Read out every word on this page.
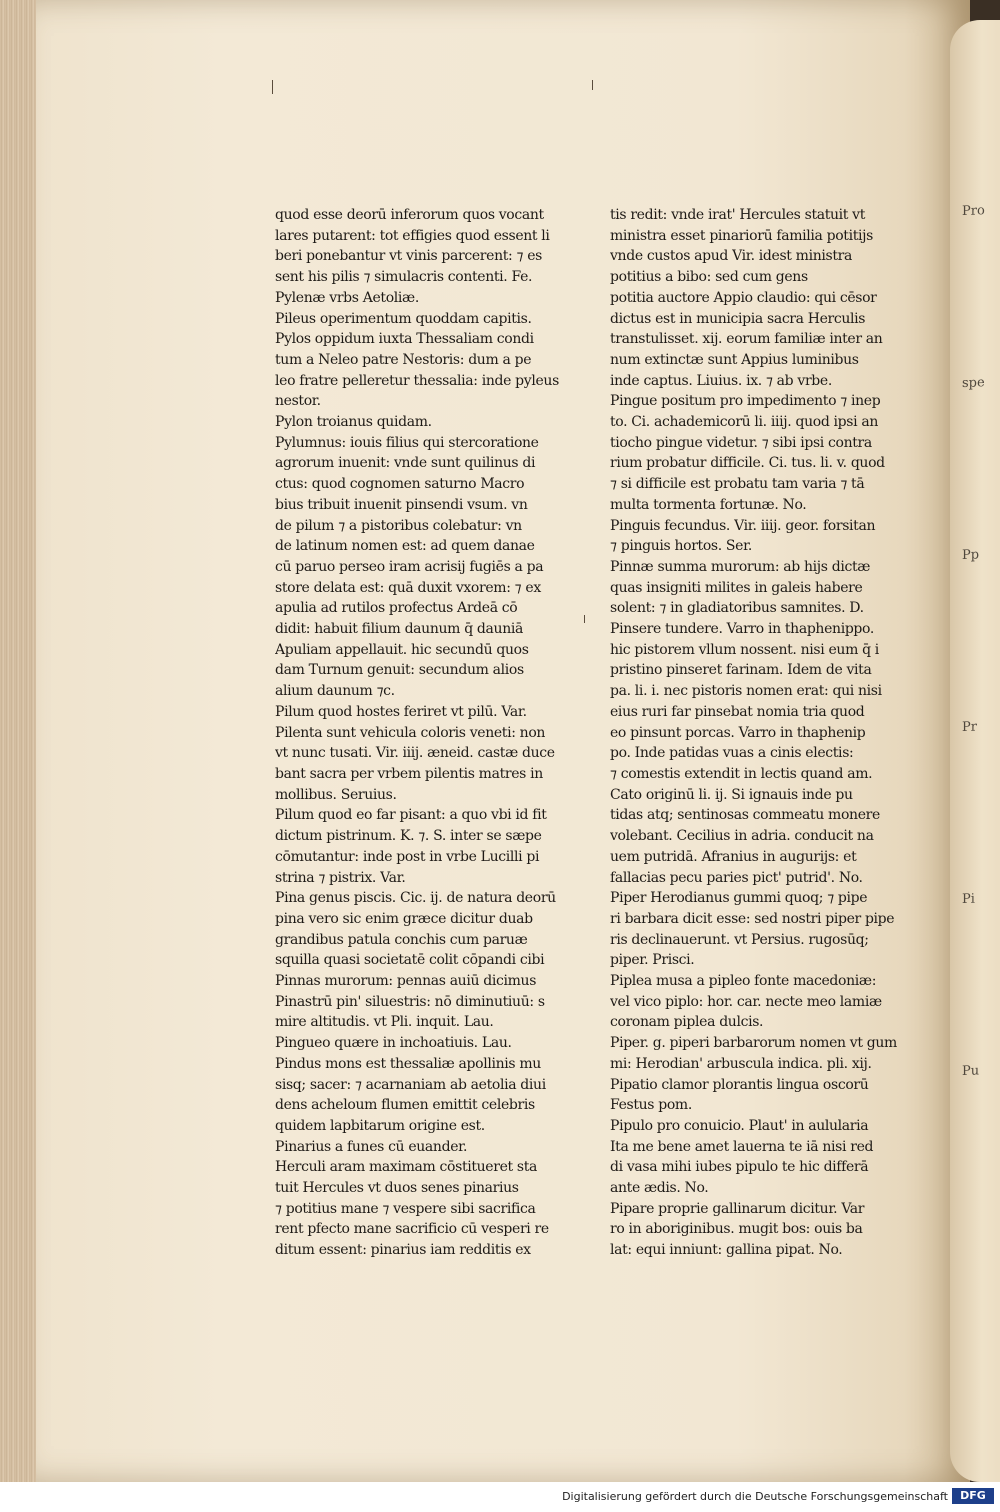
Pro
spe
Pp
Pr
Pi
Pu
quod esse deorū inferorum quos vocant
lares putarent: tot effigies quod essent li
beri ponebantur vt vinis parcerent: ⁊ es
sent his pilis ⁊ simulacris contenti. Fe.
Pylenæ vrbs Aetoliæ.
Pileus operimentum quoddam capitis.
Pylos oppidum iuxta Thessaliam condi
tum a Neleo patre Nestoris: dum a pe
leo fratre pelleretur thessalia: inde pyleus
nestor.
Pylon troianus quidam.
Pylumnus: iouis filius qui stercoratione
agrorum inuenit: vnde sunt quilinus di
ctus: quod cognomen saturno Macro
bius tribuit inuenit pinsendi vsum. vn
de pilum ⁊ a pistoribus colebatur: vn
de latinum nomen est: ad quem danae
cū paruo perseo iram acrisij fugiēs a pa
store delata est: quā duxit vxorem: ⁊ ex
apulia ad rutilos profectus Ardeā cō
didit: habuit filium daunum q̄ dauniā
Apuliam appellauit. hic secundū quos
dam Turnum genuit: secundum alios
alium daunum ⁊c.
Pilum quod hostes feriret vt pilū. Var.
Pilenta sunt vehicula coloris veneti: non
vt nunc tusati. Vir. iiij. æneid. castæ duce
bant sacra per vrbem pilentis matres in
mollibus. Seruius.
Pilum quod eo far pisant: a quo vbi id fit
dictum pistrinum. K. ⁊. S. inter se sæpe
cōmutantur: inde post in vrbe Lucilli pi
strina ⁊ pistrix. Var.
Pina genus piscis. Cic. ij. de natura deorū
pina vero sic enim græce dicitur duab
grandibus patula conchis cum paruæ
squilla quasi societatē colit cōpandi cibi
Pinnas murorum: pennas auiū dicimus
Pinastrū pin' siluestris: nō diminutiuū: s
mire altitudis. vt Pli. inquit. Lau.
Pingueo quære in inchoatiuis. Lau.
Pindus mons est thessaliæ apollinis mu
sisq; sacer: ⁊ acarnaniam ab aetolia diui
dens acheloum flumen emittit celebris
quidem lapbitarum origine est.
Pinarius a funes cū euander.
Herculi aram maximam cōstitueret sta
tuit Hercules vt duos senes pinarius
⁊ potitius mane ⁊ vespere sibi sacrifica
rent pfecto mane sacrificio cū vesperi re
ditum essent: pinarius iam redditis ex
tis redit: vnde irat' Hercules statuit vt
ministra esset pinariorū familia potitijs
vnde custos apud Vir. idest ministra
potitius a bibo: sed cum gens
potitia auctore Appio claudio: qui cēsor
dictus est in municipia sacra Herculis
transtulisset. xij. eorum familiæ inter an
num extinctæ sunt Appius luminibus
inde captus. Liuius. ix. ⁊ ab vrbe.
Pingue positum pro impedimento ⁊ inep
to. Ci. achademicorū li. iiij. quod ipsi an
tiocho pingue videtur. ⁊ sibi ipsi contra
rium probatur difficile. Ci. tus. li. v. quod
⁊ si difficile est probatu tam varia ⁊ tā
multa tormenta fortunæ. No.
Pinguis fecundus. Vir. iiij. geor. forsitan
⁊ pinguis hortos. Ser.
Pinnæ summa murorum: ab hijs dictæ
quas insigniti milites in galeis habere
solent: ⁊ in gladiatoribus samnites. D.
Pinsere tundere. Varro in thaphenippo.
hic pistorem vllum nossent. nisi eum q̄ i
pristino pinseret farinam. Idem de vita
pa. li. i. nec pistoris nomen erat: qui nisi
eius ruri far pinsebat nomia tria quod
eo pinsunt porcas. Varro in thaphenip
po. Inde patidas vuas a cinis electis:
⁊ comestis extendit in lectis quand am.
Cato originū li. ij. Si ignauis inde pu
tidas atq; sentinosas commeatu monere
volebant. Cecilius in adria. conducit na
uem putridā. Afranius in augurijs: et
fallacias pecu paries pict' putrid'. No.
Piper Herodianus gummi quoq; ⁊ pipe
ri barbara dicit esse: sed nostri piper pipe
ris declinauerunt. vt Persius. rugosūq;
piper. Prisci.
Piplea musa a pipleo fonte macedoniæ:
vel vico piplo: hor. car. necte meo lamiæ
coronam piplea dulcis.
Piper. g. piperi barbarorum nomen vt gum
mi: Herodian' arbuscula indica. pli. xij.
Pipatio clamor plorantis lingua oscorū
Festus pom.
Pipulo pro conuicio. Plaut' in aulularia
Ita me bene amet lauerna te iā nisi red
di vasa mihi iubes pipulo te hic differā
ante ædis. No.
Pipare proprie gallinarum dicitur. Var
ro in aboriginibus. mugit bos: ouis ba
lat: equi inniunt: gallina pipat. No.
Digitalisierung gefördert durch die Deutsche Forschungsgemeinschaft	DFG
